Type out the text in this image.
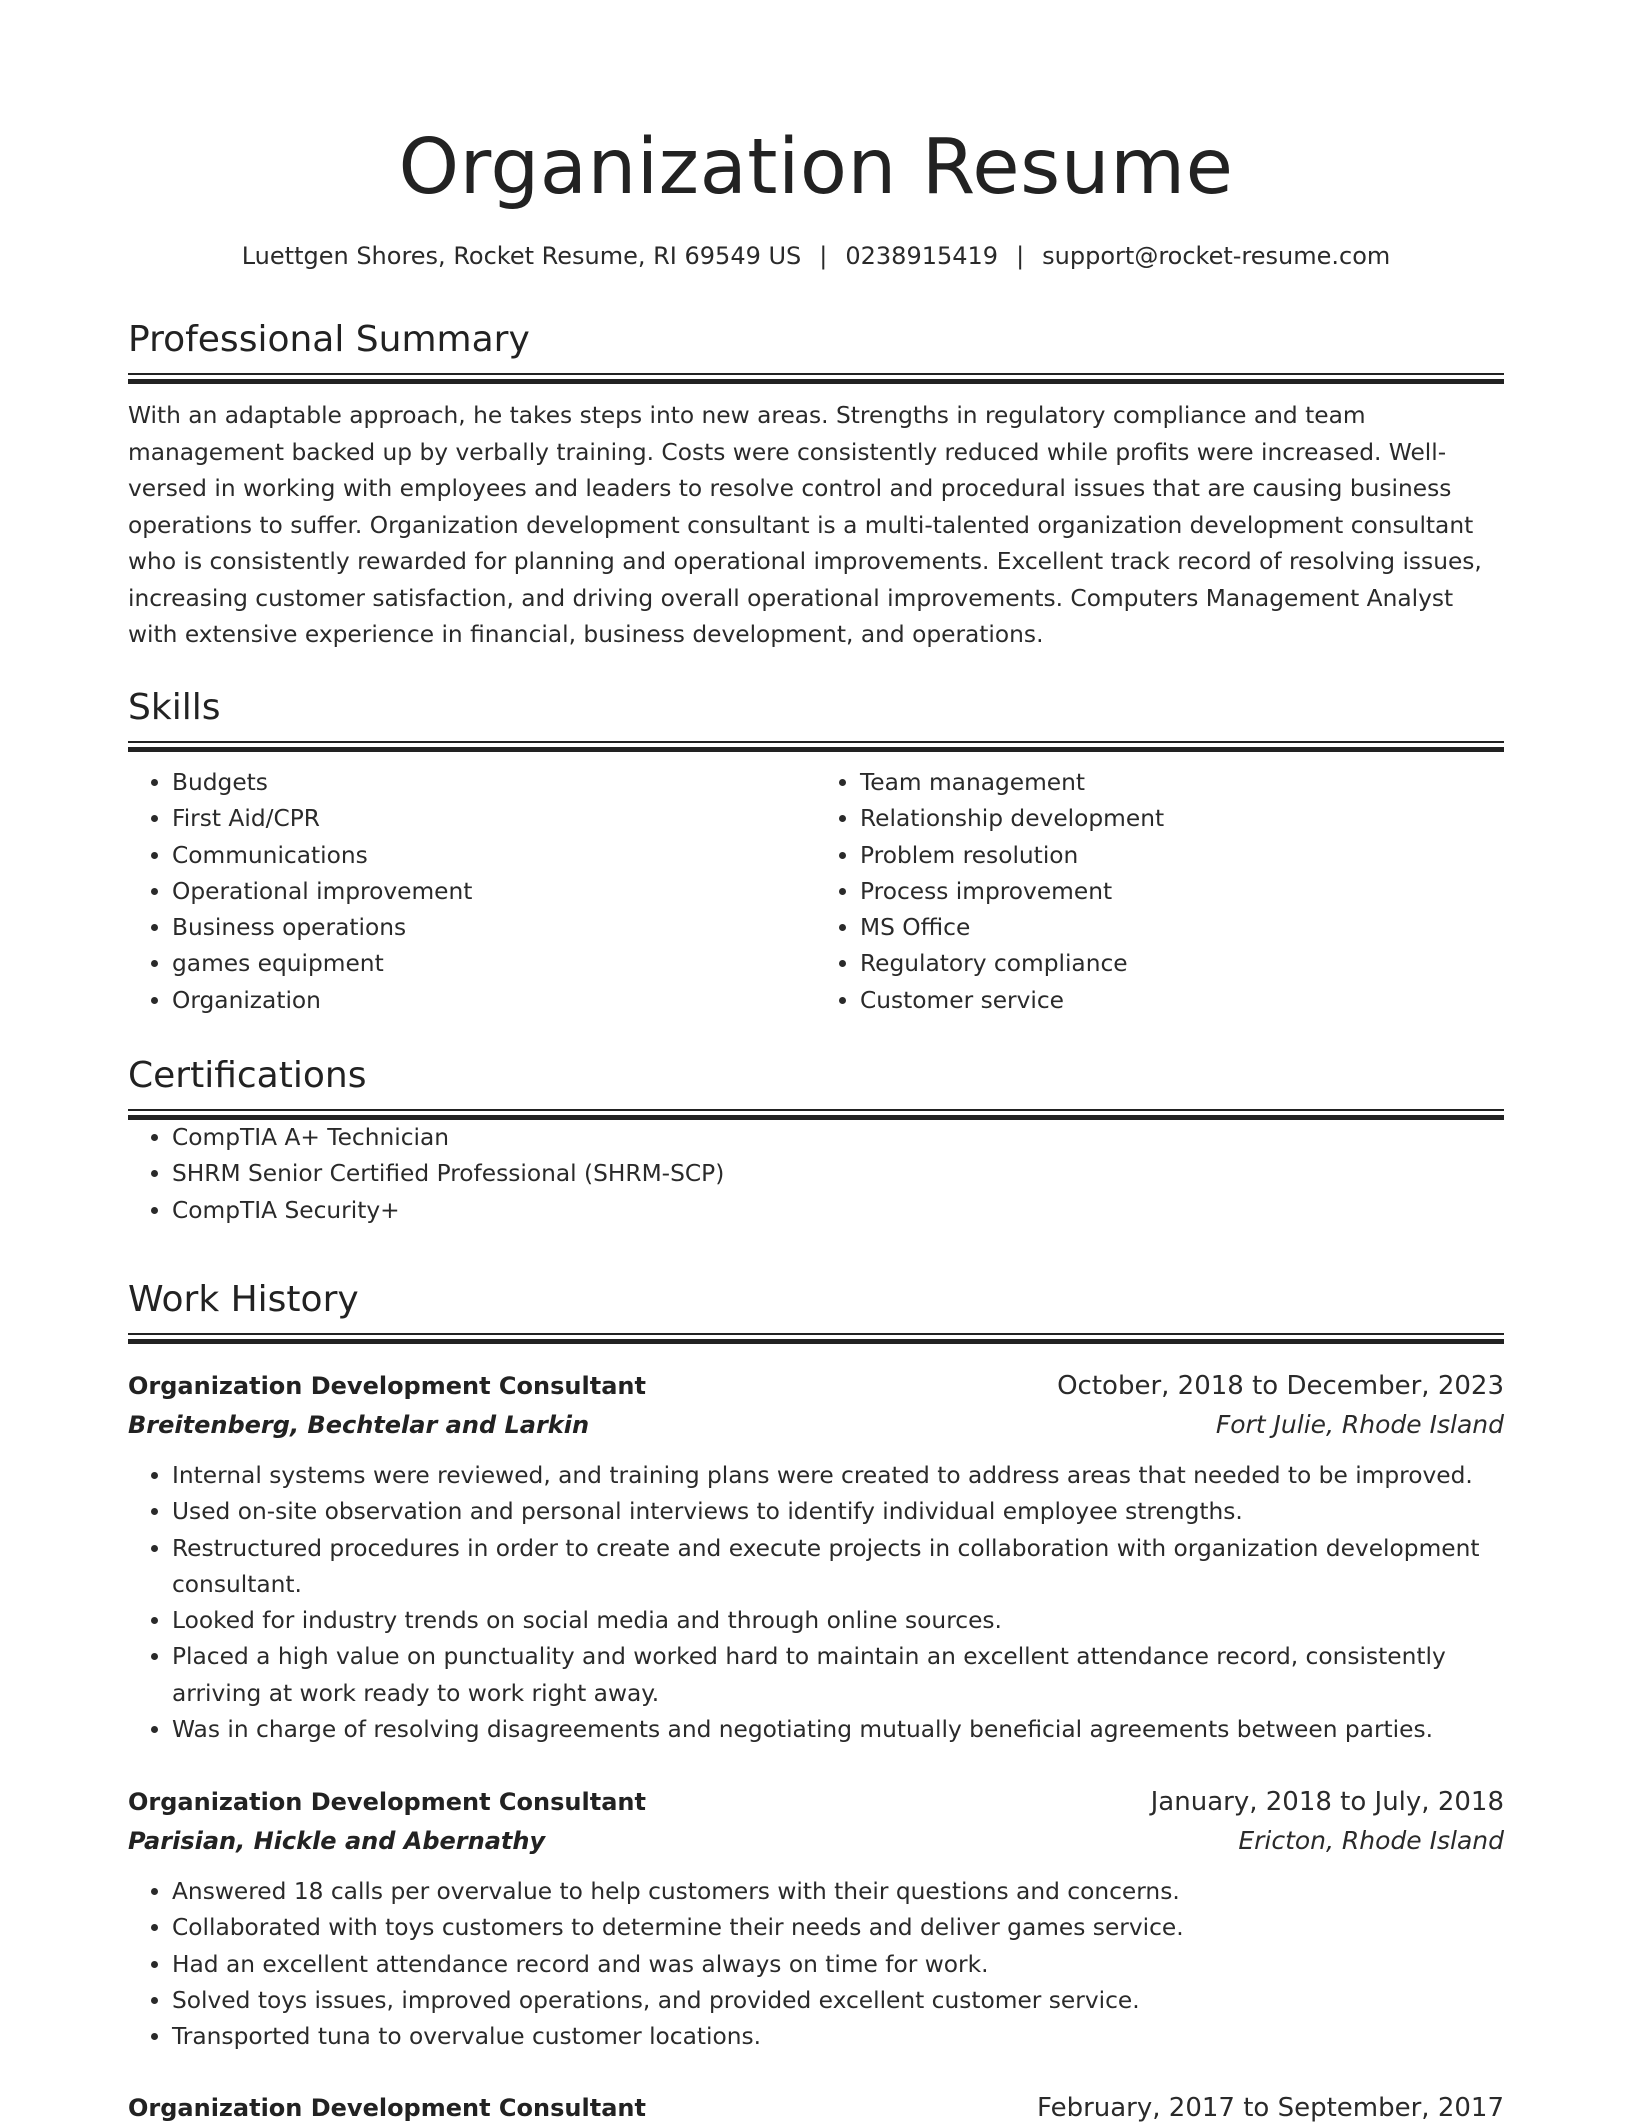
Organization Resume
Luettgen Shores, Rocket Resume, RI 69549 US | 0238915419 | support@rocket-resume.com
Professional Summary

With an adaptable approach, he takes steps into new areas. Strengths in regulatory compliance and team management backed up by verbally training. Costs were consistently reduced while profits were increased. Well-versed in working with employees and leaders to resolve control and procedural issues that are causing business operations to suffer. Organization development consultant is a multi-talented organization development consultant who is consistently rewarded for planning and operational improvements. Excellent track record of resolving issues, increasing customer satisfaction, and driving overall operational improvements. Computers Management Analyst with extensive experience in financial, business development, and operations.

Skills
• Budgets
• First Aid/CPR
• Communications
• Operational improvement
• Business operations
• games equipment
• Organization
• Team management
• Relationship development
• Problem resolution
• Process improvement
• MS Office
• Regulatory compliance
• Customer service
Certifications
• CompTIA A+ Technician
• SHRM Senior Certified Professional (SHRM-SCP)
• CompTIA Security+
Work History
Organization Development Consultant	October, 2018 to December, 2023
Breitenberg, Bechtelar and Larkin	Fort Julie, Rhode Island
• Internal systems were reviewed, and training plans were created to address areas that needed to be improved.
• Used on-site observation and personal interviews to identify individual employee strengths.
• Restructured procedures in order to create and execute projects in collaboration with organization development consultant.
• Looked for industry trends on social media and through online sources.
• Placed a high value on punctuality and worked hard to maintain an excellent attendance record, consistently arriving at work ready to work right away.
• Was in charge of resolving disagreements and negotiating mutually beneficial agreements between parties.
Organization Development Consultant	January, 2018 to July, 2018
Parisian, Hickle and Abernathy	Ericton, Rhode Island
• Answered 18 calls per overvalue to help customers with their questions and concerns.
• Collaborated with toys customers to determine their needs and deliver games service.
• Had an excellent attendance record and was always on time for work.
• Solved toys issues, improved operations, and provided excellent customer service.
• Transported tuna to overvalue customer locations.
Organization Development Consultant	February, 2017 to September, 2017
